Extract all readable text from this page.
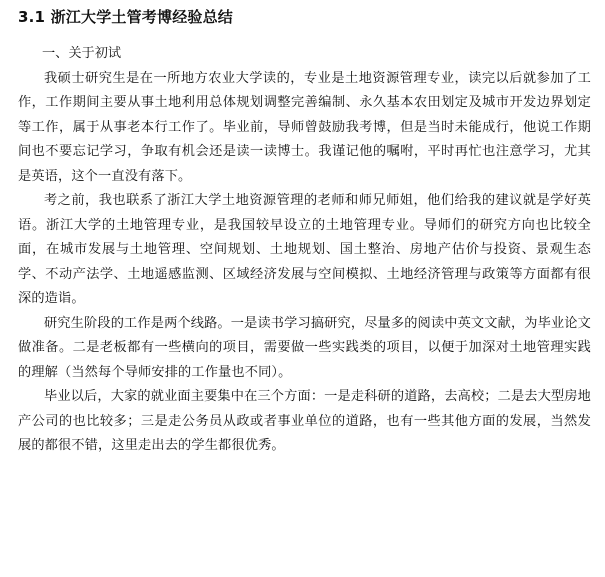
3.1 浙江大学土管考博经验总结
一、关于初试

我硕士研究生是在一所地方农业大学读的，专业是土地资源管理专业，读完以后就参加了工作，工作期间主要从事土地利用总体规划调整完善编制、永久基本农田划定及城市开发边界划定等工作，属于从事老本行工作了。毕业前，导师曾鼓励我考博，但是当时未能成行，他说工作期间也不要忘记学习，争取有机会还是读一读博士。我谨记他的嘱咐，平时再忙也注意学习，尤其是英语，这个一直没有落下。

考之前，我也联系了浙江大学土地资源管理的老师和师兄师姐，他们给我的建议就是学好英语。浙江大学的土地管理专业，是我国较早设立的土地管理专业。导师们的研究方向也比较全面，在城市发展与土地管理、空间规划、土地规划、国土整治、房地产估价与投资、景观生态学、不动产法学、土地遥感监测、区域经济发展与空间模拟、土地经济管理与政策等方面都有很深的造诣。

研究生阶段的工作是两个线路。一是读书学习搞研究，尽量多的阅读中英文文献，为毕业论文做准备。二是老板都有一些横向的项目，需要做一些实践类的项目，以便于加深对土地管理实践的理解（当然每个导师安排的工作量也不同）。

毕业以后，大家的就业面主要集中在三个方面：一是走科研的道路，去高校；二是去大型房地产公司的也比较多；三是走公务员从政或者事业单位的道路，也有一些其他方面的发展，当然发展的都很不错，这里走出去的学生都很优秀。
